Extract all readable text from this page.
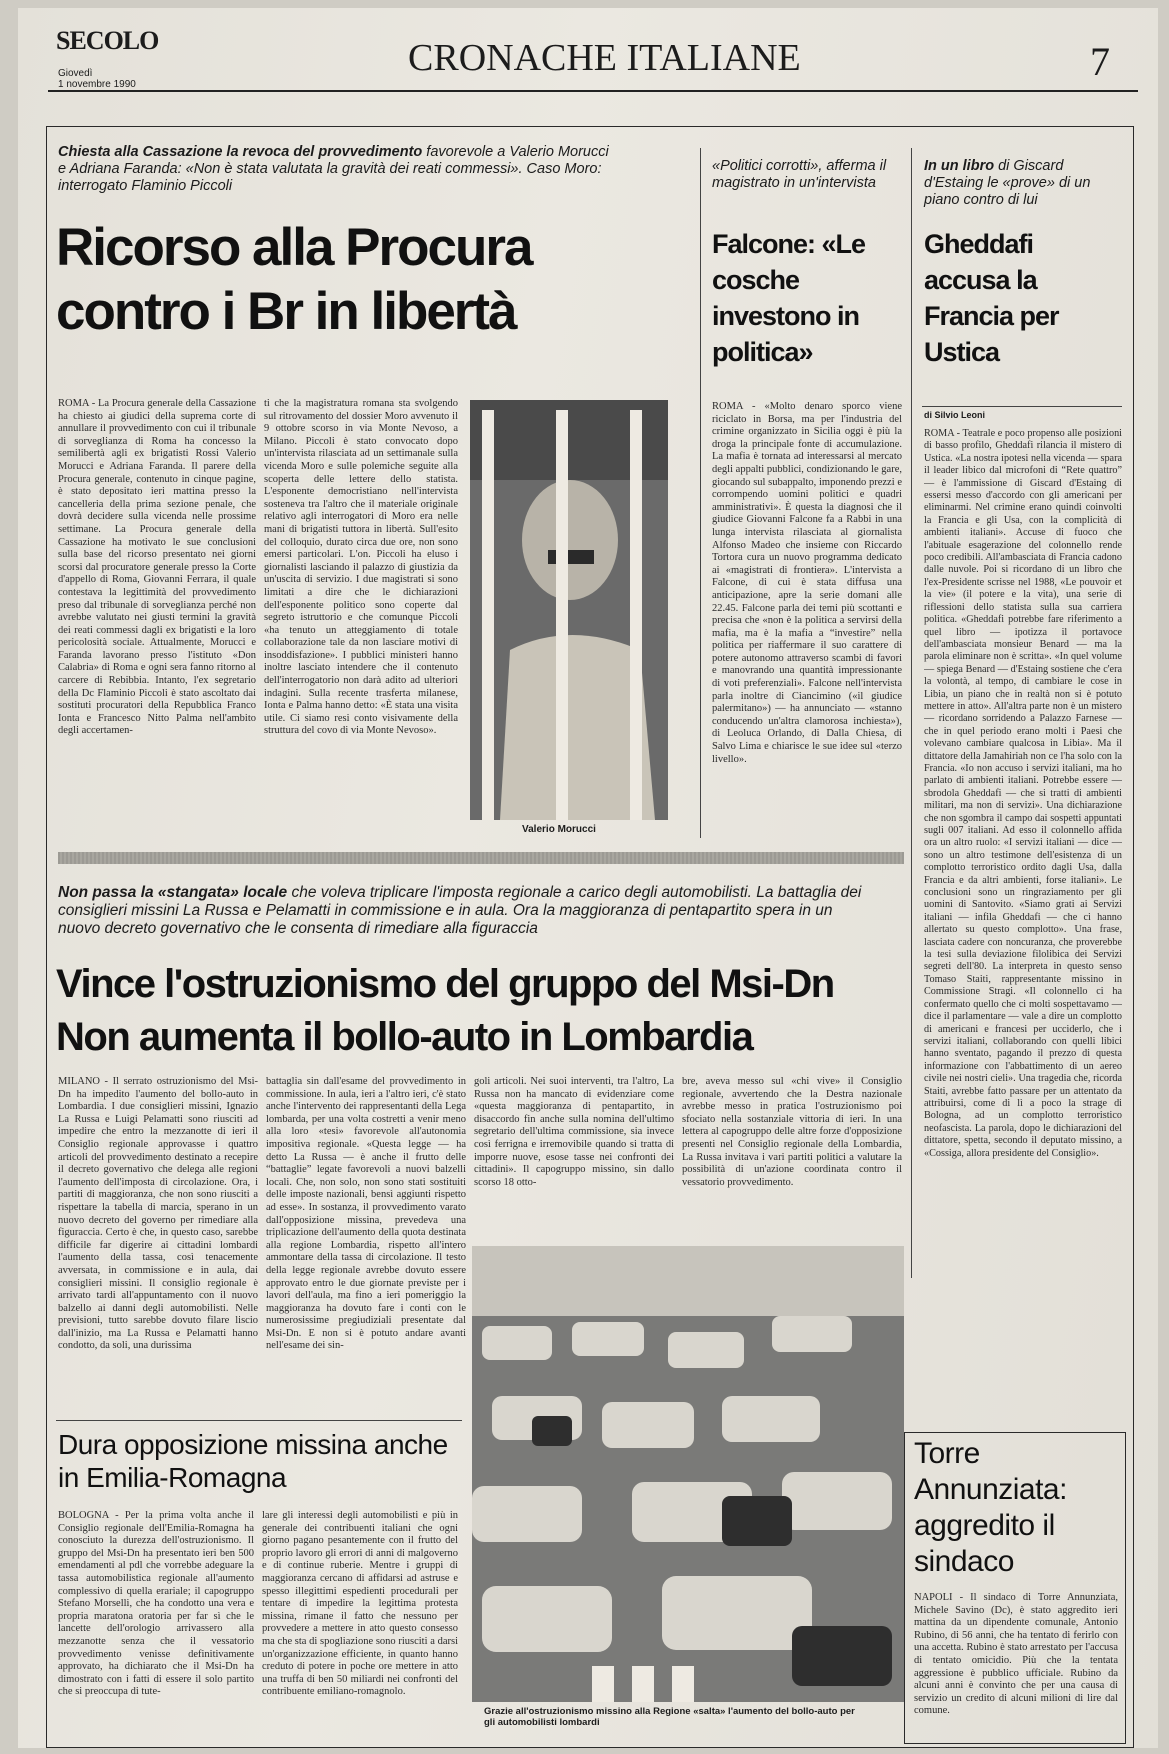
SECOLO
Giovedì
1 novembre 1990
CRONACHE ITALIANE	7
Chiesta alla Cassazione la revoca del provvedimento favorevole a Valerio Morucci e Adriana Faranda: «Non è stata valutata la gravità dei reati commessi». Caso Moro: interrogato Flaminio Piccoli
Ricorso alla Procura contro i Br in libertà
ROMA - La Procura generale della Cassazione ha chiesto ai giudici della suprema corte di annullare il provvedimento con cui il tribunale di sorveglianza di Roma ha concesso la semilibertà agli ex brigatisti Rossi Valerio Morucci e Adriana Faranda. Il parere della Procura generale, contenuto in cinque pagine, è stato depositato ieri mattina presso la cancelleria della prima sezione penale, che dovrà decidere sulla vicenda nelle prossime settimane. La Procura generale della Cassazione ha motivato le sue conclusioni sulla base del ricorso presentato nei giorni scorsi dal procuratore generale presso la Corte d'appello di Roma, Giovanni Ferrara, il quale contestava la legittimità del provvedimento preso dal tribunale di sorveglianza perché non avrebbe valutato nei giusti termini la gravità dei reati commessi dagli ex brigatisti e la loro pericolosità sociale. Attualmente, Morucci e Faranda lavorano presso l'istituto «Don Calabria» di Roma e ogni sera fanno ritorno al carcere di Rebibbia. Intanto, l'ex segretario della Dc Flaminio Piccoli è stato ascoltato dai sostituti procuratori della Repubblica Franco Ionta e Francesco Nitto Palma nell'ambito degli accertamen-
ti che la magistratura romana sta svolgendo sul ritrovamento del dossier Moro avvenuto il 9 ottobre scorso in via Monte Nevoso, a Milano. Piccoli è stato convocato dopo un'intervista rilasciata ad un settimanale sulla vicenda Moro e sulle polemiche seguite alla scoperta delle lettere dello statista. L'esponente democristiano nell'intervista sosteneva tra l'altro che il materiale originale relativo agli interrogatori di Moro era nelle mani di brigatisti tuttora in libertà. Sull'esito del colloquio, durato circa due ore, non sono emersi particolari. L'on. Piccoli ha eluso i giornalisti lasciando il palazzo di giustizia da un'uscita di servizio. I due magistrati si sono limitati a dire che le dichiarazioni dell'esponente politico sono coperte dal segreto istruttorio e che comunque Piccoli «ha tenuto un atteggiamento di totale collaborazione tale da non lasciare motivi di insoddisfazione». I pubblici ministeri hanno inoltre lasciato intendere che il contenuto dell'interrogatorio non darà adito ad ulteriori indagini. Sulla recente trasferta milanese, Ionta e Palma hanno detto: «È stata una visita utile. Ci siamo resi conto visivamente della struttura del covo di via Monte Nevoso».
Valerio Morucci
«Politici corrotti», afferma il magistrato in un'intervista
Falcone: «Le cosche investono in politica»
ROMA - «Molto denaro sporco viene riciclato in Borsa, ma per l'industria del crimine organizzato in Sicilia oggi è più la droga la principale fonte di accumulazione. La mafia è tornata ad interessarsi al mercato degli appalti pubblici, condizionando le gare, giocando sul subappalto, imponendo prezzi e corrompendo uomini politici e quadri amministrativi». È questa la diagnosi che il giudice Giovanni Falcone fa a Rabbi in una lunga intervista rilasciata al giornalista Alfonso Madeo che insieme con Riccardo Tortora cura un nuovo programma dedicato ai «magistrati di frontiera». L'intervista a Falcone, di cui è stata diffusa una anticipazione, apre la serie domani alle 22.45. Falcone parla dei temi più scottanti e precisa che «non è la politica a servirsi della mafia, ma è la mafia a “investire” nella politica per riaffermare il suo carattere di potere autonomo attraverso scambi di favori e manovrando una quantità impressionante di voti preferenziali». Falcone nell'intervista parla inoltre di Ciancimino («il giudice palermitano») — ha annunciato — «stanno conducendo un'altra clamorosa inchiesta»), di Leoluca Orlando, di Dalla Chiesa, di Salvo Lima e chiarisce le sue idee sul «terzo livello».
In un libro di Giscard d'Estaing le «prove» di un piano contro di lui
Gheddafi accusa la Francia per Ustica
di Silvio Leoni
ROMA - Teatrale e poco propenso alle posizioni di basso profilo, Gheddafi rilancia il mistero di Ustica. «La nostra ipotesi nella vicenda — spara il leader libico dal microfoni di “Rete quattro” — è l'ammissione di Giscard d'Estaing di essersi messo d'accordo con gli americani per eliminarmi. Nel crimine erano quindi coinvolti la Francia e gli Usa, con la complicità di ambienti italiani». Accuse di fuoco che l'abituale esagerazione del colonnello rende poco credibili. All'ambasciata di Francia cadono dalle nuvole. Poi si ricordano di un libro che l'ex-Presidente scrisse nel 1988, «Le pouvoir et la vie» (il potere e la vita), una serie di riflessioni dello statista sulla sua carriera politica. «Gheddafi potrebbe fare riferimento a quel libro — ipotizza il portavoce dell'ambasciata monsieur Benard — ma la parola eliminare non è scritta». «In quel volume — spiega Benard — d'Estaing sostiene che c'era la volontà, al tempo, di cambiare le cose in Libia, un piano che in realtà non si è potuto mettere in atto». All'altra parte non è un mistero — ricordano sorridendo a Palazzo Farnese — che in quel periodo erano molti i Paesi che volevano cambiare qualcosa in Libia». Ma il dittatore della Jamahiriah non ce l'ha solo con la Francia. «Io non accuso i servizi italiani, ma ho parlato di ambienti italiani. Potrebbe essere — sbrodola Gheddafi — che si tratti di ambienti militari, ma non di servizi». Una dichiarazione che non sgombra il campo dai sospetti appuntati sugli 007 italiani. Ad esso il colonnello affida ora un altro ruolo: «I servizi italiani — dice — sono un altro testimone dell'esistenza di un complotto terroristico ordito dagli Usa, dalla Francia e da altri ambienti, forse italiani». Le conclusioni sono un ringraziamento per gli uomini di Santovito. «Siamo grati ai Servizi italiani — infila Gheddafi — che ci hanno allertato su questo complotto». Una frase, lasciata cadere con noncuranza, che proverebbe la tesi sulla deviazione filolibica dei Servizi segreti dell'80. La interpreta in questo senso Tomaso Staiti, rappresentante missino in Commissione Stragi. «Il colonnello ci ha confermato quello che ci molti sospettavamo — dice il parlamentare — vale a dire un complotto di americani e francesi per ucciderlo, che i servizi italiani, collaborando con quelli libici hanno sventato, pagando il prezzo di questa informazione con l'abbattimento di un aereo civile nei nostri cieli». Una tragedia che, ricorda Staiti, avrebbe fatto passare per un attentato da attribuirsi, come di lì a poco la strage di Bologna, ad un complotto terroristico neofascista. La parola, dopo le dichiarazioni del dittatore, spetta, secondo il deputato missino, a «Cossiga, allora presidente del Consiglio».
Non passa la «stangata» locale che voleva triplicare l'imposta regionale a carico degli automobilisti. La battaglia dei consiglieri missini La Russa e Pelamatti in commissione e in aula. Ora la maggioranza di pentapartito spera in un nuovo decreto governativo che le consenta di rimediare alla figuraccia
Vince l'ostruzionismo del gruppo del Msi-Dn
Non aumenta il bollo-auto in Lombardia
MILANO - Il serrato ostruzionismo del Msi-Dn ha impedito l'aumento del bollo-auto in Lombardia. I due consiglieri missini, Ignazio La Russa e Luigi Pelamatti sono riusciti ad impedire che entro la mezzanotte di ieri il Consiglio regionale approvasse i quattro articoli del provvedimento destinato a recepire il decreto governativo che delega alle regioni l'aumento dell'imposta di circolazione. Ora, i partiti di maggioranza, che non sono riusciti a rispettare la tabella di marcia, sperano in un nuovo decreto del governo per rimediare alla figuraccia. Certo è che, in questo caso, sarebbe difficile far digerire ai cittadini lombardi l'aumento della tassa, così tenacemente avversata, in commissione e in aula, dai consiglieri missini. Il consiglio regionale è arrivato tardi all'appuntamento con il nuovo balzello ai danni degli automobilisti. Nelle previsioni, tutto sarebbe dovuto filare liscio dall'inizio, ma La Russa e Pelamatti hanno condotto, da soli, una durissima
battaglia sin dall'esame del provvedimento in commissione. In aula, ieri a l'altro ieri, c'è stato anche l'intervento dei rappresentanti della Lega lombarda, per una volta costretti a venir meno alla loro «tesi» favorevole all'autonomia impositiva regionale. «Questa legge — ha detto La Russa — è anche il frutto delle “battaglie” legate favorevoli a nuovi balzelli locali. Che, non solo, non sono stati sostituiti delle imposte nazionali, bensì aggiunti rispetto ad esse». In sostanza, il provvedimento varato dall'opposizione missina, prevedeva una triplicazione dell'aumento della quota destinata alla regione Lombardia, rispetto all'intero ammontare della tassa di circolazione. Il testo della legge regionale avrebbe dovuto essere approvato entro le due giornate previste per i lavori dell'aula, ma fino a ieri pomeriggio la maggioranza ha dovuto fare i conti con le numerosissime pregiudiziali presentate dal Msi-Dn. E non si è potuto andare avanti nell'esame dei sin-
goli articoli. Nei suoi interventi, tra l'altro, La Russa non ha mancato di evidenziare come «questa maggioranza di pentapartito, in disaccordo fin anche sulla nomina dell'ultimo segretario dell'ultima commissione, sia invece così ferrigna e irremovibile quando si tratta di imporre nuove, esose tasse nei confronti dei cittadini». Il capogruppo missino, sin dallo scorso 18 otto-
bre, aveva messo sul «chi vive» il Consiglio regionale, avvertendo che la Destra nazionale avrebbe messo in pratica l'ostruzionismo poi sfociato nella sostanziale vittoria di ieri. In una lettera al capogruppo delle altre forze d'opposizione presenti nel Consiglio regionale della Lombardia, La Russa invitava i vari partiti politici a valutare la possibilità di un'azione coordinata contro il vessatorio provvedimento.
Grazie all'ostruzionismo missino alla Regione «salta» l'aumento del bollo-auto per gli automobilisti lombardi
Dura opposizione missina anche in Emilia-Romagna
BOLOGNA - Per la prima volta anche il Consiglio regionale dell'Emilia-Romagna ha conosciuto la durezza dell'ostruzionismo. Il gruppo del Msi-Dn ha presentato ieri ben 500 emendamenti al pdl che vorrebbe adeguare la tassa automobilistica regionale all'aumento complessivo di quella erariale; il capogruppo Stefano Morselli, che ha condotto una vera e propria maratona oratoria per far sì che le lancette dell'orologio arrivassero alla mezzanotte senza che il vessatorio provvedimento venisse definitivamente approvato, ha dichiarato che il Msi-Dn ha dimostrato con i fatti di essere il solo partito che si preoccupa di tute-
lare gli interessi degli automobilisti e più in generale dei contribuenti italiani che ogni giorno pagano pesantemente con il frutto del proprio lavoro gli errori di anni di malgoverno e di continue ruberie. Mentre i gruppi di maggioranza cercano di affidarsi ad astruse e spesso illegittimi espedienti procedurali per tentare di impedire la legittima protesta missina, rimane il fatto che nessuno per provvedere a mettere in atto questo consesso ma che sta di spogliazione sono riusciti a darsi un'organizzazione efficiente, in quanto hanno creduto di potere in poche ore mettere in atto una truffa di ben 50 miliardi nei confronti del contribuente emiliano-romagnolo.
Torre Annunziata: aggredito il sindaco
NAPOLI - Il sindaco di Torre Annunziata, Michele Savino (Dc), è stato aggredito ieri mattina da un dipendente comunale, Antonio Rubino, di 56 anni, che ha tentato di ferirlo con una accetta. Rubino è stato arrestato per l'accusa di tentato omicidio. Più che la tentata aggressione è pubblico ufficiale. Rubino da alcuni anni è convinto che per una causa di servizio un credito di alcuni milioni di lire dal comune.
